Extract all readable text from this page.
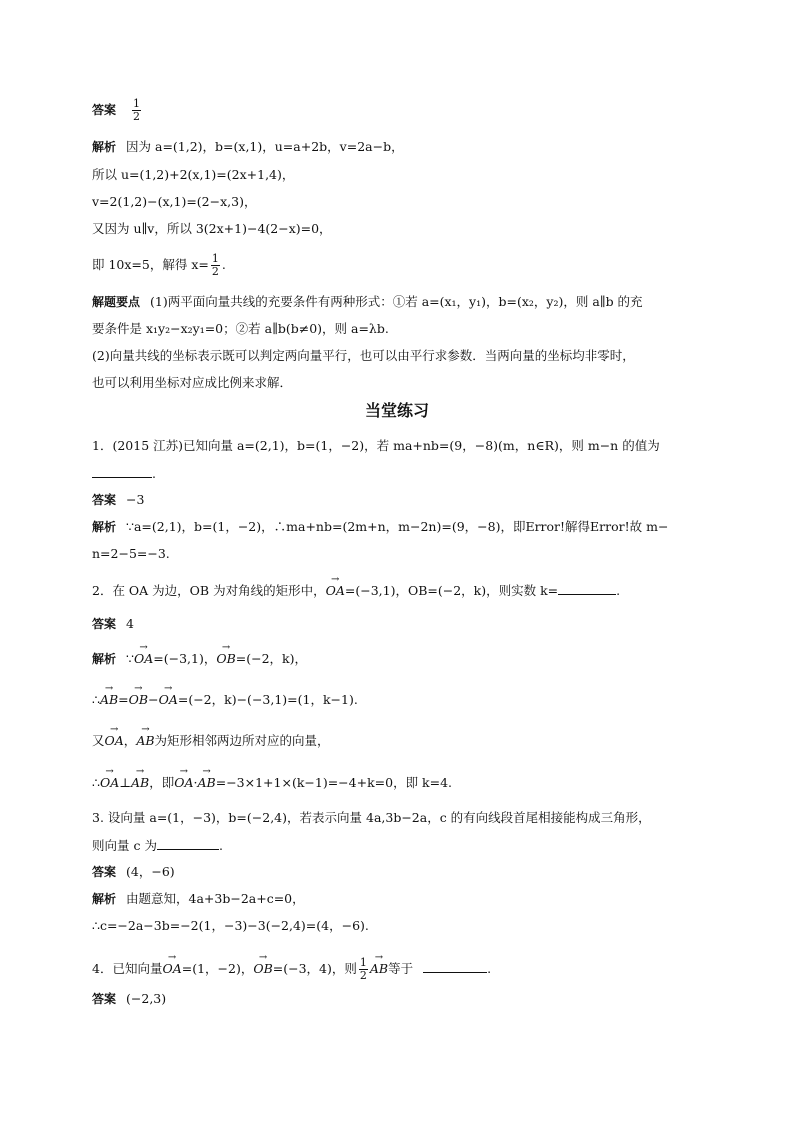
答案 $\frac{1}{2}$
解析 因为 a=(1,2)，b=(x,1)，u=a+2b，v=2a−b，
所以 u=(1,2)+2(x,1)=(2x+1,4)，
v=2(1,2)−(x,1)=(2−x,3)，
又因为 u∥v，所以 3(2x+1)−4(2−x)=0，
即 10x=5，解得 $x= \frac{1}{2}$ .
解题要点 (1)两平面向量共线的充要条件有两种形式：①若 a=(x₁，y₁)，b=(x₂，y₂)，则 a∥b 的充
要条件是 x₁y₂−x₂y₁=0；②若 a∥b(b≠0)，则 a=λb.
(2)向量共线的坐标表示既可以判定两向量平行，也可以由平行求参数．当两向量的坐标均非零时，
也可以利用坐标对应成比例来求解．
当堂练习
1．(2015 江苏)已知向量 a=(2,1)，b=(1，−2)，若 ma+nb=(9，−8)(m，n∈R)，则 m−n 的值为
.
答案 −3
解析 ∵a=(2,1)，b=(1，−2)，∴ma+nb=(2m+n，m−2n)=(9，−8)，即Error!解得Error!故 m−
n=2−5=−3.
2．在 OA 为边，OB 为对角线的矩形中，→ OA=(−3,1)，OB=(−2，k)，则实数 k=	.
答案 4
解析 ∵→ OA=(−3,1)，→ OB=(−2，k)，
∴→ AB=→ OB−→ OA=(−2，k)−(−3,1)=(1，k−1).
又→ OA，→ AB为矩形相邻两边所对应的向量，
∴→ OA⊥→ AB，即→ OA·→ AB=−3×1+1×(k−1)=−4+k=0，即 k=4.
3. 设向量 a=(1，−3)，b=(−2,4)，若表示向量 4a,3b−2a，c 的有向线段首尾相接能构成三角形，
则向量 c 为	.
答案 (4，−6)
解析 由题意知，4a+3b−2a+c=0，
∴c=−2a−3b=−2(1，−3)−3(−2,4)=(4，−6).
4．已知向量→ OA=(1，−2)，→ OB=(−3，4)，则 $\frac{1}{2}$
→ AB等于	.
答案 (−2,3)
